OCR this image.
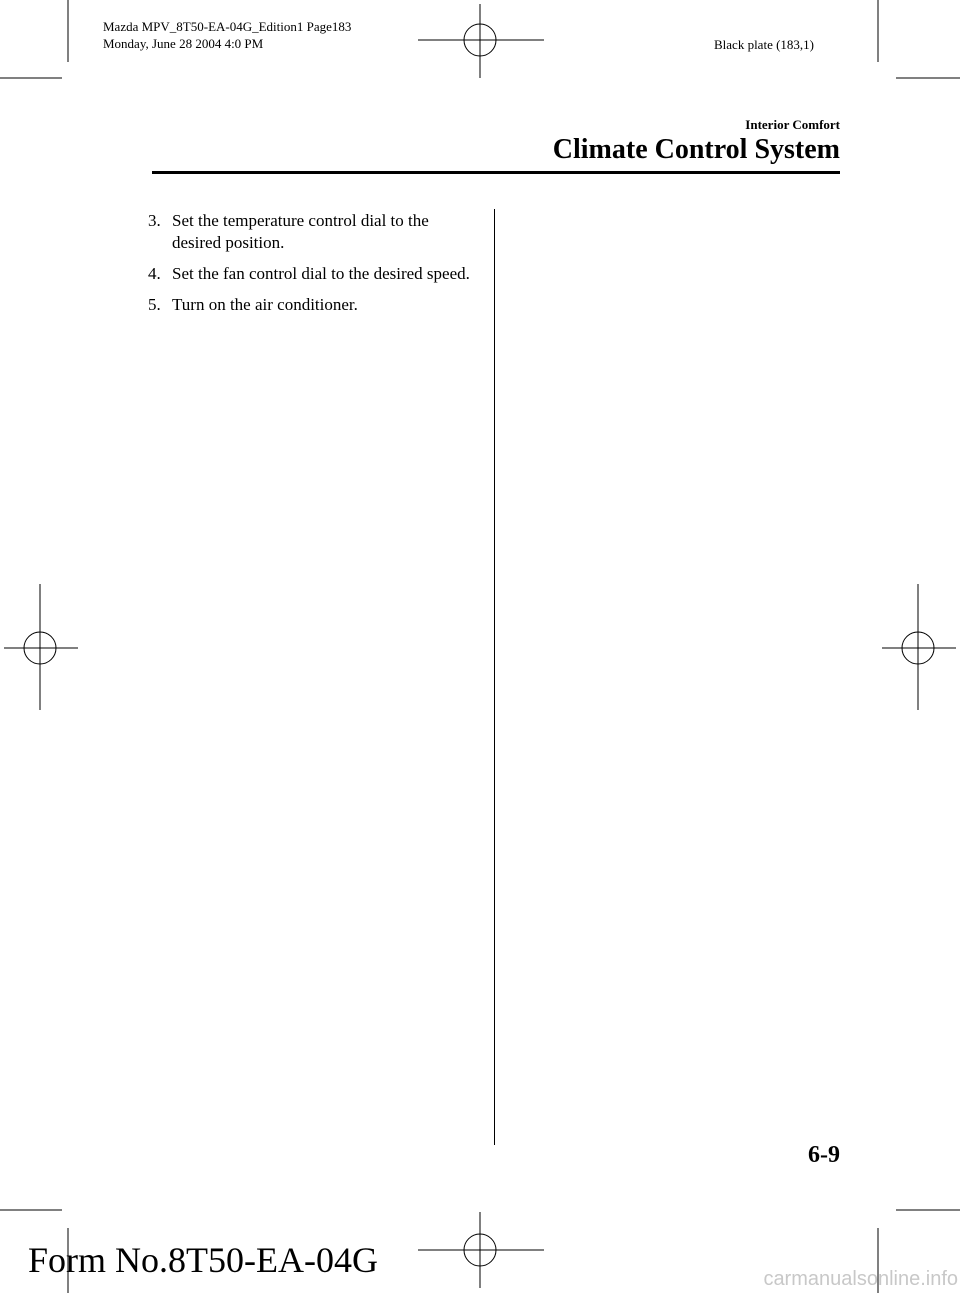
Mazda MPV_8T50-EA-04G_Edition1 Page183
Monday, June 28 2004 4:0 PM	Black plate (183,1)
Interior Comfort
Climate Control System
3. Set the temperature control dial to the desired position.
4. Set the fan control dial to the desired speed.
5. Turn on the air conditioner.
6-9
Form No.8T50-EA-04G	carmanualsonline.info
